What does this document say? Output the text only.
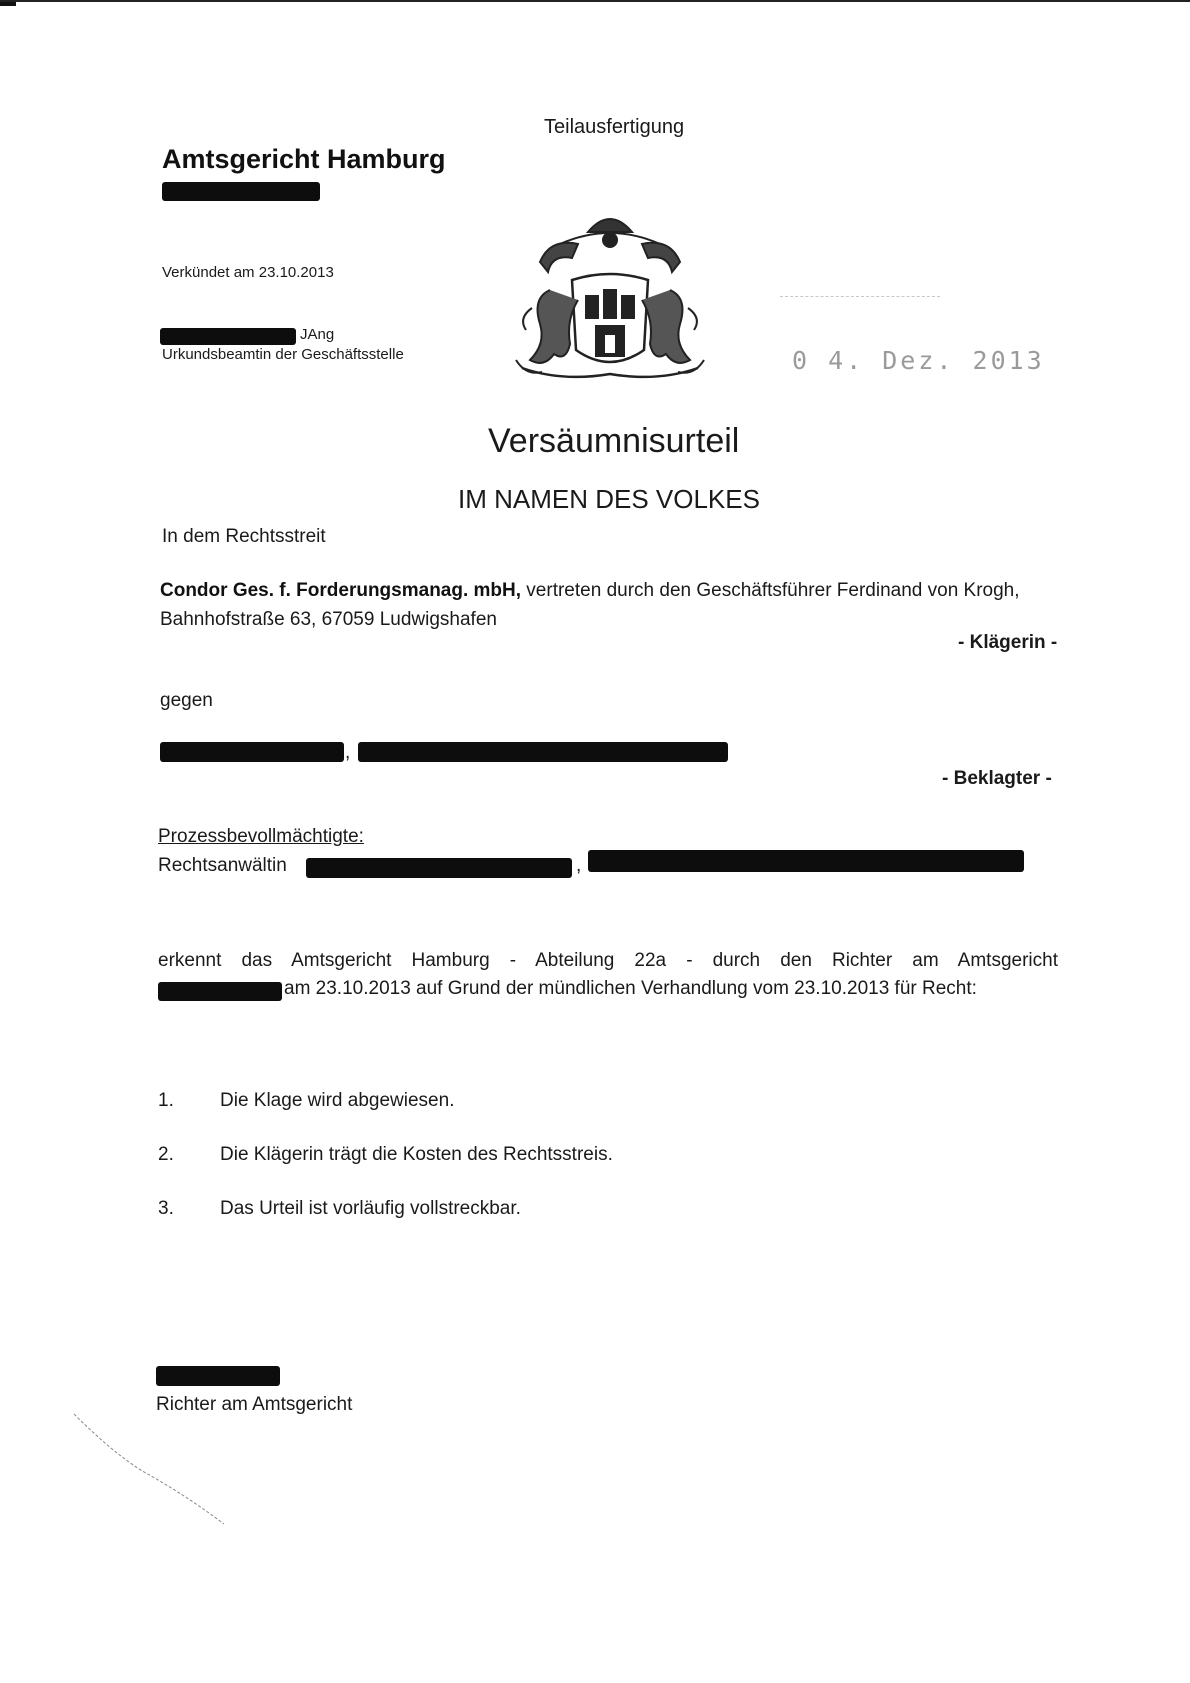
Amtsgericht Hamburg
Teilausfertigung
Verkündet am 23.10.2013
JAng
Urkundsbeamtin der Geschäftsstelle	0 4. Dez. 2013
Versäumnisurteil
IM NAMEN DES VOLKES
In dem Rechtsstreit
Condor Ges. f. Forderungsmanag. mbH, vertreten durch den Geschäftsführer Ferdinand von Krogh, Bahnhofstraße 63, 67059 Ludwigshafen
- Klägerin -
gegen
,
- Beklagter -
Prozessbevollmächtigte:
Rechtsanwältin	,
erkennt das Amtsgericht Hamburg - Abteilung 22a - durch den Richter am Amtsgericht
am 23.10.2013 auf Grund der mündlichen Verhandlung vom 23.10.2013 für Recht:
1. Die Klage wird abgewiesen.
2. Die Klägerin trägt die Kosten des Rechtsstreis.
3. Das Urteil ist vorläufig vollstreckbar.
Richter am Amtsgericht
